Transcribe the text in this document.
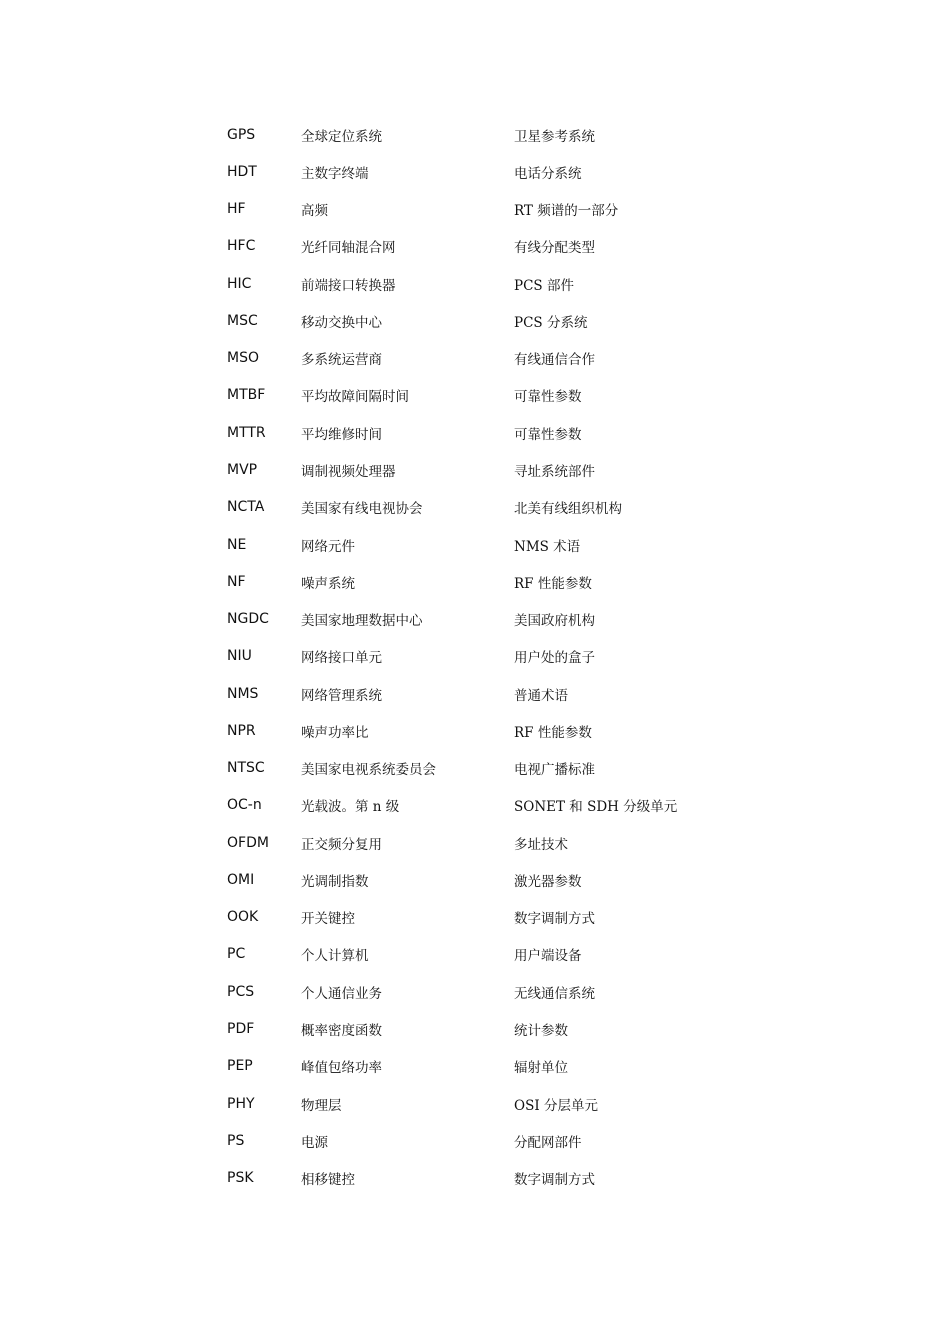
GPS	全球定位系统	卫星参考系统
HDT	主数字终端	电话分系统
HF	高频	RT 频谱的一部分
HFC	光纤同轴混合网	有线分配类型
HIC	前端接口转换器	PCS 部件
MSC	移动交换中心	PCS 分系统
MSO	多系统运营商	有线通信合作
MTBF	平均故障间隔时间	可靠性参数
MTTR	平均维修时间	可靠性参数
MVP	调制视频处理器	寻址系统部件
NCTA	美国家有线电视协会	北美有线组织机构
NE	网络元件	NMS 术语
NF	噪声系统	RF 性能参数
NGDC	美国家地理数据中心	美国政府机构
NIU	网络接口单元	用户处的盒子
NMS	网络管理系统	普通术语
NPR	噪声功率比	RF 性能参数
NTSC	美国家电视系统委员会	电视广播标准
OC-n	光载波。第 n 级	SONET 和 SDH 分级单元
OFDM	正交频分复用	多址技术
OMI	光调制指数	激光器参数
OOK	开关键控	数字调制方式
PC	个人计算机	用户端设备
PCS	个人通信业务	无线通信系统
PDF	概率密度函数	统计参数
PEP	峰值包络功率	辐射单位
PHY	物理层	OSI 分层单元
PS	电源	分配网部件
PSK	相移键控	数字调制方式
